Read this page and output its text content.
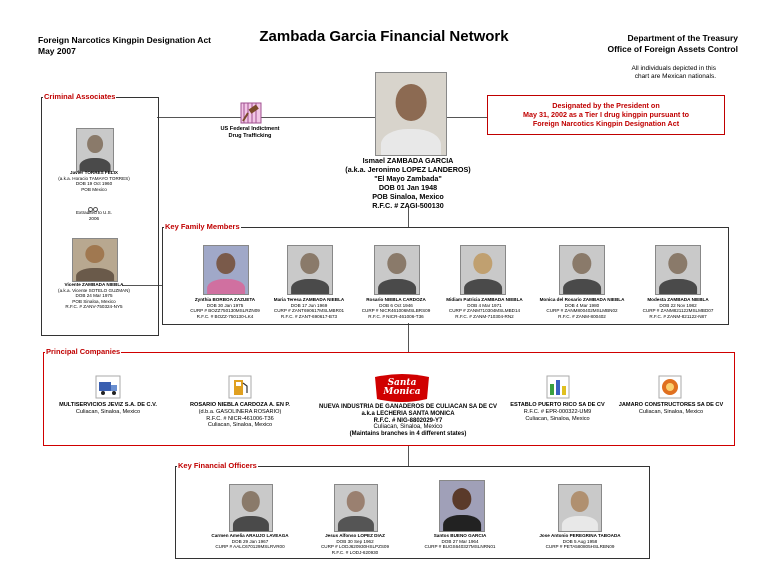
Foreign Narcotics Kingpin Designation Act
May 2007
Zambada Garcia Financial Network	Department of the Treasury
Office of Foreign Assets Control
All individuals depicted in this
chart are Mexican nationals.
US Federal Indictment
Drug Trafficking
Ismael ZAMBADA GARCIA
(a.k.a. Jeronimo LOPEZ LANDEROS)
"El Mayo Zambada"
DOB 01 Jan 1948
POB Sinaloa, Mexico
R.F.C. # ZAGI-500130
Designated by the President on
May 31, 2002 as a Tier I drug kingpin pursuant to
Foreign Narcotics Kingpin Designation Act
Criminal Associates
Javier TORRES FELIX
(a.k.a. Horacio TAMAYO TORRES)
DOB 19 Oct 1960
POB Mexico
Extradited to U.S.
2006
Vicente ZAMBADA NIEBLA
(a.k.a. Vicente SOTELO GUZMAN)
DOB 24 Mar 1975
POB Sinaloa, Mexico
R.F.C. # ZANV-750324-NY5
Key Family Members
Zynthia BORBOA ZAZUETA
DOB 30 Jan 1975
CURP # BOZZ750130MSLRZN09
R.F.C. # BOZZ-750130-LK4
Maria Teresa ZAMBADA NIEBLA
DOB 17 Jun 1969
CURP # ZANT690617MSLMBR01
R.F.C. # ZANT-690617-B73
Rosario NIEBLA CARDOZA
DOB 6 Oct 1946
CURP # NICR461006MSLBRS09
R.F.C. # NICR-461006-T36
Midiam Patricia ZAMBADA NIEBLA
DOB 4 Mar 1971
CURP # ZANM710304MSLMBD14
R.F.C. # ZANM-710304-RN2
Monica del Rosario ZAMBADA NIEBLA
DOB 4 Mar 1980
CURP # ZANM800402MSLMBN02
R.F.C. # ZANM-800402
Modesta ZAMBADA NIEBLA
DOB 22 Nov 1982
CURP # ZANM821122MSLMBD07
R.F.C. # ZANM-821122-N87
Principal Companies
Santa Monica
MULTISERVICIOS JEVIZ S.A. DE C.V.
Culiacan, Sinaloa, Mexico
ROSARIO NIEBLA CARDOZA A. EN P.
(d.b.a. GASOLINERA ROSARIO)
R.F.C. # NICR-461006-T36
Culiacan, Sinaloa, Mexico
NUEVA INDUSTRIA DE GANADEROS DE CULIACAN SA DE CV
a.k.a LECHERIA SANTA MONICA
R.F.C. # NIG-8802029-Y7
Culiacan, Sinaloa, Mexico
(Maintains branches in 4 different states)
ESTABLO PUERTO RICO SA DE CV
R.F.C. # EPR-000322-UM9
Culiacan, Sinaloa, Mexico
JAMARO CONSTRUCTORES SA DE CV
Culiacan, Sinaloa, Mexico
Key Financial Officers
Carmen Amelia ARAUJO LAVEAGA
DOB 29 Jan 1967
CURP # AALC670129MSLRVR00
Jesus Alfonso LOPEZ DIAZ
DOB 30 Sep 1962
CURP # LODJ620930HSLPZS09
R.F.C. # LODJ-620930
Santos BUENO GARCIA
DOB 27 Mar 1964
CURP # BUGS640327MSLNRN01
Jose Antonio PEREGRINA TABOADA
DOB 5 Aug 1958
CURP # PETA580805HSLRBN09
